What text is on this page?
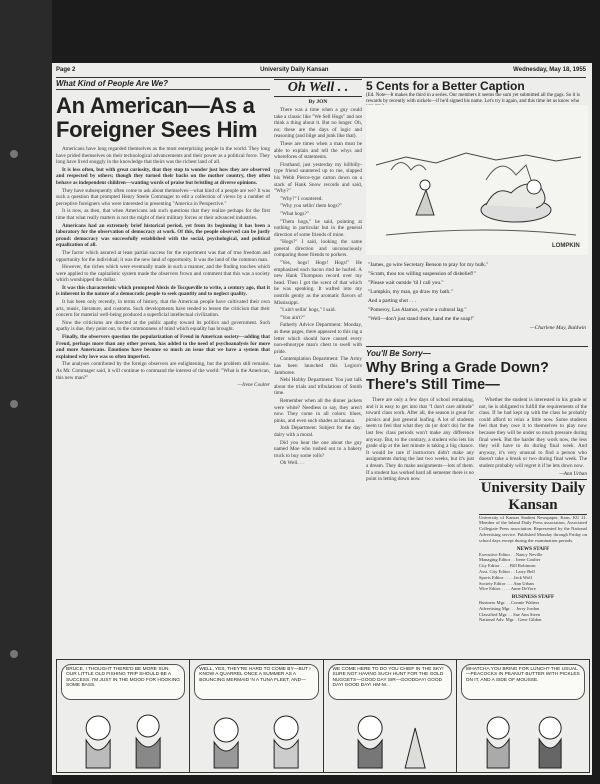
Page 2	University Daily Kansan	Wednesday, May 18, 1955
What Kind of People Are We?
An American—As a Foreigner Sees Him

Americans have long regarded themselves as the most enterprising people in the world. They long have prided themselves on their technological advancements and their power as a political force. They long have lived snuggly in the knowledge that theirs was the richest land of all.

It is less often, but with great curiosity, that they stop to wonder just how they are observed and respected by others; though they turned their backs on the mother country, they often behave as independent children—wanting words of praise but bristling at diverse opinions.

They have subsequently often come to ask about themselves—what kind of a people are we? It was such a question that prompted Henry Steele Commager to edit a collection of views by a number of perceptive foreigners who were interested in presenting "America in Perspective."

It is now, as then, that when Americans ask such questions that they realize perhaps for the first time that what really matters is not the might of their military forces or their advanced industries.

Americans had an extremely brief historical period, yet from its beginning it has been a laboratory for the observation of democracy at work. Of this, the people observed can be justly proud: democracy was successfully established with the social, psychological, and political equalization of all.

The factor which assured at least partial success for the experiment was that of true freedom and opportunity for the individual; it was the new land of opportunity. It was the land of the common man.

However, the riches which were eventually made in such a manner, and the finding touches which were applied to the capitalistic system made the observers frown and comment that this was a society which worshipped the dollar.

It was this characteristic which prompted Alexis de Tocqueville to write, a century ago, that it is inherent in the nature of a democratic people to seek quantity and to neglect quality.

It has been only recently, in terms of history, that the American people have cultivated their own arts, music, literature, and customs. Such developments have tended to lessen the criticism that their concern for material well-being produced a superficial intellectual civilization.

Now the criticisms are directed at the public apathy toward its politics and government. Such apathy is due, they point out, to the commonness of mind which equality has brought.

Finally, the observers question the popularization of Freud in American society—adding that Freud, perhaps more than any other person, has added to the need of psychoanalysis for more and more Americans. Emotions have become so much an issue that we have a system that explained why love was so often imperfect.

The analyses contributed by the foreign observers are enlightening, but the problem still remains. As Mr. Commager said, it will continue to command the interest of the world: "What is the American, this new man?"

—Irene Coulter
Oh Well . .
By JON

There was a time when a guy could take a classic like "We Sell Hogs" and not think a thing about it. But no longer. Oh, no; these are the days of logic and reasoning (and bilge and junk like that).

These are times when a man must be able to explain and tell the whys and wherefores of statements.

Firsthand, just yesterday my hillbilly-type friend sauntered up to me, slapped his Webb Pierce-type carton down on a stack of Hank Snow records and said, "Why?"

"Why?" I countered.

"Why you sellin' them hogs?"

"What hogs?"

"Them hogs," he said, pointing at nothing in particular but in the general direction of some friends of mine.

"Hogs?" I said, looking the same general direction and unconsciously comparing those friends to porkers.

"Yes, hogs! Hogs! Hogs!" He emphasized each bacon rind he hurled. A new Hank Thompson record over my head. Then I got the scent of that which he was speaking. It wafted into my nostrils gently as the aromatic flavors of Mississippi.

"I ain't sellin' hogs," I said.

"You ain't?"

Fatherly Advice Department: Monday, as these pages, there appeared to this rag a letter which should have caused every non-ethnotype man's chest to swell with pride.

Contemplation Department: The Army has been launched this Legion's Jamboree.

Nebi Hobby Department: You just talk about the trials and tribulations of Smith time.

Remember when all the dinner jackets were white? Needless to say, they aren't now. They come in all colors: blues, pinks, and even such shades as banana.

Josh Department: Subject for the day: dairy with a moral.

Did you hear the one about the guy named Moe who rushed out to a bakery truck to buy some rolls?

Oh Well. . .

5 Cents for a Better Caption
(Ed. Note—It makes the third in a series. Our members it seems the sum yet submitted all the gags. So it is rewards by recently with nickels—if he'd signed his name. Let's try it again, and this time let us know who
LOMPKIN
"James, go wire Secretary Benson to pray for my hulk."
"Scram, thou too willing suspension of disbelief!"
"Please wait outside 'til I call you."
"Lumpkin, my man, go draw my bath."
And a parting shot . . .
"Pomeroy, Las Alamos, you're a cultural lag."
"Well—don't just stand there, hand me the soap!"
—Charlene May, Baldwin
You'll Be Sorry—
Why Bring a Grade Down? There's Still Time—

There are only a few days of school remaining, and it is easy to get into that "I don't care attitude" toward class work. After all, the season is great for picnics and just general loafing. A lot of students seem to feel that what they do (or don't do) for the last few class periods won't make any difference anyway. But, to the contrary, a student who lets his grade slip at the last minute is taking a big chance. It would be rare if instructors didn't make any assignments during the last two weeks, but it's just a dream. They do make assignments—lots of them. If a student has worked hard all semester there is no point in letting down now.

Whether the student is interested in his grade or not, he is obligated to fulfill the requirements of the class. If he had kept up with the class he probably could afford to relax a little now. Some students feel that they owe it to themselves to play now because they will be under so much pressure during final week. But the harder they work now, the less they will have to do during final week. And anyway, it's very unusual to find a person who doesn't take a break or two during final week. The student probably will regret it if he lets down now.

—Ann Urban
University Daily Kansan
University of Kansas Student Newspaper, Kans, KU 21. Member of the Inland Daily Press association, Associated Collegiate Press association. Represented by the National Advertising service. Published Monday through Friday on school days except during the examination periods.
NEWS STAFF
Executive Editor . . Nancy Neville
Managing Editor . . Irene Coulter
City Editor . . . . Bill Robinson
Asst. City Editor . . Larry Bell
Sports Editor . . . . Jack Wolf
Society Editor . . . Ann Urban
Wire Editor . . . . Anne DeVore
BUSINESS STAFF
Business Mgr. . . Connie Walters
Advertising Mgr. . . Jerry Jordan
Classified Mgr. . . Sue Ann Steen
National Adv. Mgr. . Gene Gildon
BRUCE, I THOUGHT THERE'D BE MORE SUN. OUR LITTLE OLD FISHING TRIP SHOULD BE A SUCCESS. I'M JUST IN THE MOOD FOR HOOKING SOME BASS.
WELL, YES, THEY'RE HARD TO COME BY—BUT I KNOW A QUARREL ONCE A SUMMER AS A BOUNCING MERMAID 'N A TUNA FLEET, AND—
WE COME HERE TO DO YOU CHIEF IN THE SKY! SURE NOT HAVING SUCH HUNT FOR THE GOLD NUGGETS—GOOD DAY SIR—GOODDAY! GOOD DAY! GOOD DAY! HM-M...
WHATCHA YOU BRING FOR LUNCH? THE USUAL—PEACOCKS IN PEANUT BUTTER WITH PICKLES ON IT, AND A SIDE OF MOUSSE.
